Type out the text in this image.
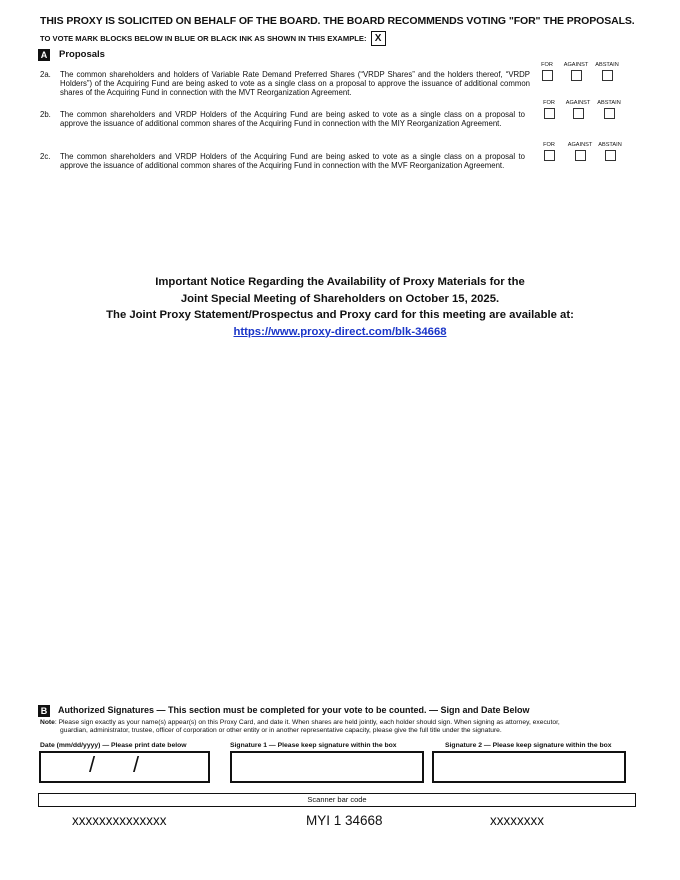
THIS PROXY IS SOLICITED ON BEHALF OF THE BOARD. THE BOARD RECOMMENDS VOTING "FOR" THE PROPOSALS.
TO VOTE MARK BLOCKS BELOW IN BLUE OR BLACK INK AS SHOWN IN THIS EXAMPLE: X
A Proposals
2a. The common shareholders and holders of Variable Rate Demand Preferred Shares (“VRDP Shares” and the holders thereof, “VRDP Holders”) of the Acquiring Fund are being asked to vote as a single class on a proposal to approve the issuance of additional common shares of the Acquiring Fund in connection with the MVT Reorganization Agreement.
FOR	AGAINST	ABSTAIN
2b. The common shareholders and VRDP Holders of the Acquiring Fund are being asked to vote as a single class on a proposal to approve the issuance of additional common shares of the Acquiring Fund in connection with the MIY Reorganization Agreement.
FOR	AGAINST	ABSTAIN
2c. The common shareholders and VRDP Holders of the Acquiring Fund are being asked to vote as a single class on a proposal to approve the issuance of additional common shares of the Acquiring Fund in connection with the MVF Reorganization Agreement.
FOR	AGAINST	ABSTAIN
Important Notice Regarding the Availability of Proxy Materials for the
Joint Special Meeting of Shareholders on October 15, 2025.
The Joint Proxy Statement/Prospectus and Proxy card for this meeting are available at:
https://www.proxy-direct.com/blk-34668
B	Authorized Signatures — This section must be completed for your vote to be counted. — Sign and Date Below
Note: Please sign exactly as your name(s) appear(s) on this Proxy Card, and date it. When shares are held jointly, each holder should sign. When signing as attorney, executor,
guardian, administrator, trustee, officer of corporation or other entity or in another representative capacity, please give the full title under the signature.
Date (mm/dd/yyyy) — Please print date below	Signature 1 — Please keep signature within the box	Signature 2 — Please keep signature within the box
/ /
Scanner bar code
xxxxxxxxxxxxxx	MYI 1 34668	xxxxxxxx
